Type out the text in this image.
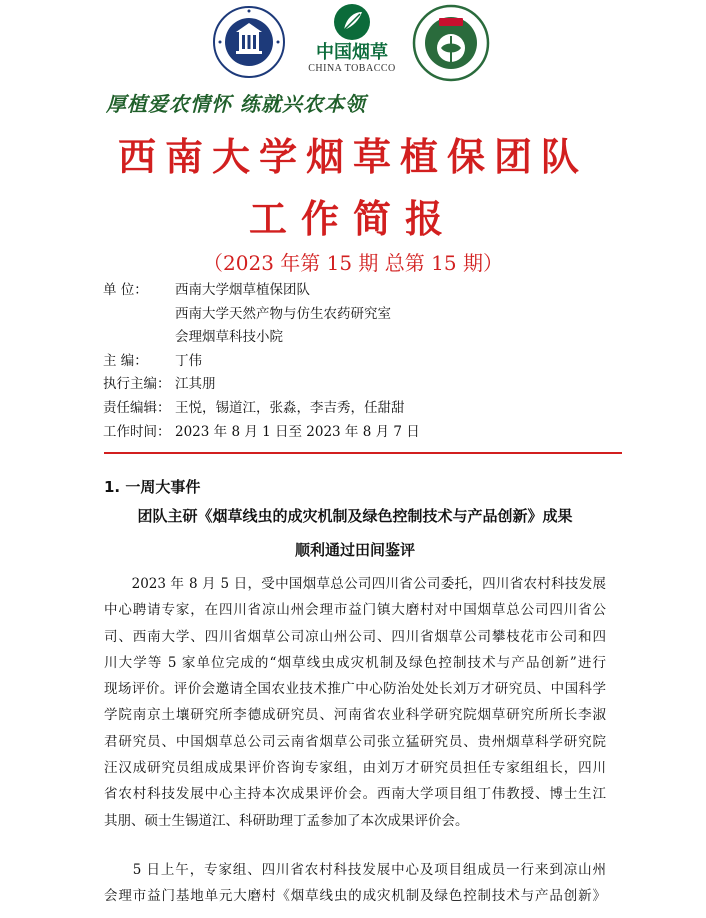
中国烟草
CHINA TOBACCO
厚植爱农情怀 练就兴农本领
西南大学烟草植保团队
工作简报
（2023 年第 15 期 总第 15 期）
单 位： 西南大学烟草植保团队
西南大学天然产物与仿生农药研究室
会理烟草科技小院
主 编： 丁伟
执行主编： 江其朋
责任编辑： 王悦，锡道江，张淼，李吉秀，任甜甜
工作时间： 2023 年 8 月 1 日至 2023 年 8 月 7 日
1. 一周大事件
团队主研《烟草线虫的成灾机制及绿色控制技术与产品创新》成果
顺利通过田间鉴评
　　2023 年 8 月 5 日，受中国烟草总公司四川省公司委托，四川省农村科技发展
中心聘请专家，在四川省凉山州会理市益门镇大磨村对中国烟草总公司四川省公
司、西南大学、四川省烟草公司凉山州公司、四川省烟草公司攀枝花市公司和四
川大学等 5 家单位完成的“烟草线虫成灾机制及绿色控制技术与产品创新”进行
现场评价。评价会邀请全国农业技术推广中心防治处处长刘万才研究员、中国科学
学院南京土壤研究所李德成研究员、河南省农业科学研究院烟草研究所所长李淑
君研究员、中国烟草总公司云南省烟草公司张立猛研究员、贵州烟草科学研究院
汪汉成研究员组成成果评价咨询专家组，由刘万才研究员担任专家组组长，四川
省农村科技发展中心主持本次成果评价会。西南大学项目组丁伟教授、博士生江
其朋、硕士生锡道江、科研助理丁孟参加了本次成果评价会。
　　5 日上午，专家组、四川省农村科技发展中心及项目组成员一行来到凉山州
会理市益门基地单元大磨村《烟草线虫的成灾机制及绿色控制技术与产品创新》
